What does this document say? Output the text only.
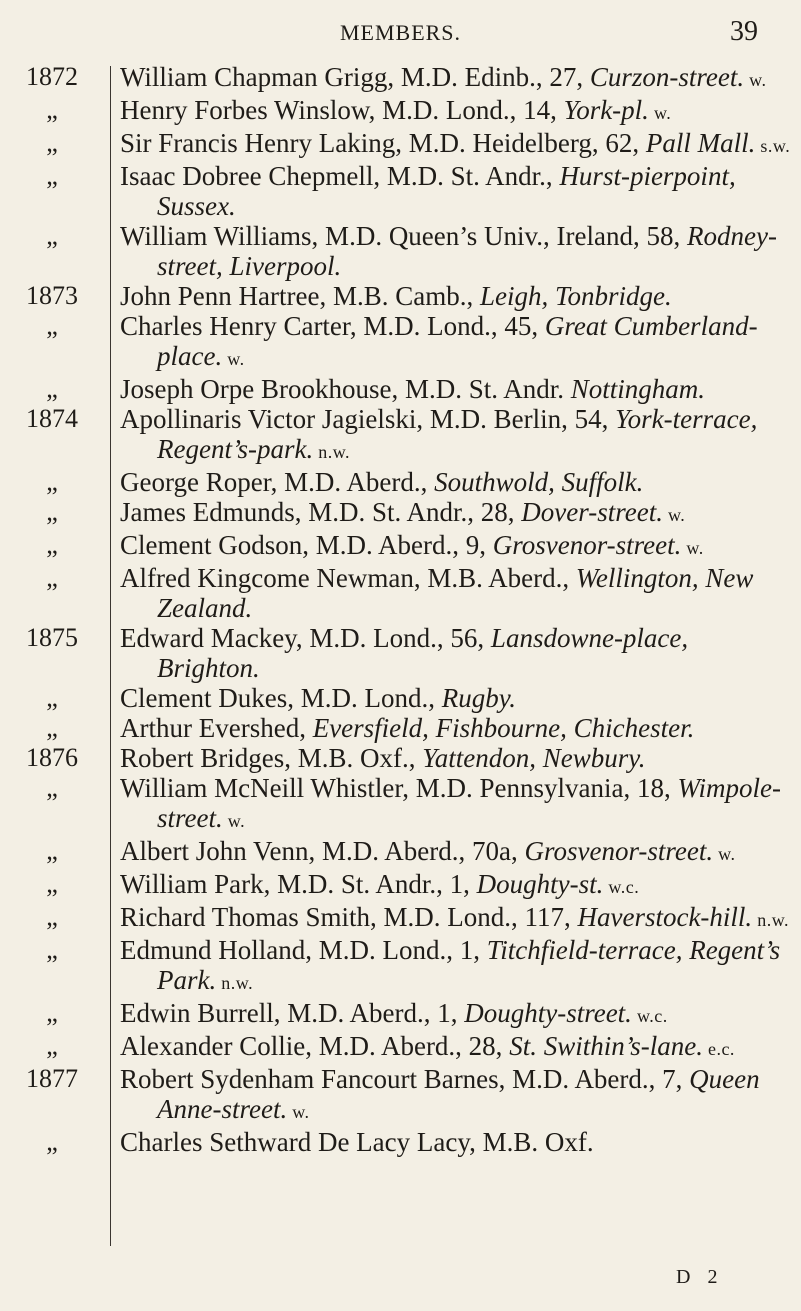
MEMBERS.	39
1872	William Chapman Grigg, M.D. Edinb., 27, Curzon-street. w.
„	Henry Forbes Winslow, M.D. Lond., 14, York-pl. w.
„	Sir Francis Henry Laking, M.D. Heidelberg, 62, Pall Mall. s.w.
„	Isaac Dobree Chepmell, M.D. St. Andr., Hurst-pierpoint, Sussex.
„	William Williams, M.D. Queen’s Univ., Ireland, 58, Rodney-street, Liverpool.
1873	John Penn Hartree, M.B. Camb., Leigh, Tonbridge.
„	Charles Henry Carter, M.D. Lond., 45, Great Cumberland-place. w.
„	Joseph Orpe Brookhouse, M.D. St. Andr. Nottingham.
1874	Apollinaris Victor Jagielski, M.D. Berlin, 54, York-terrace, Regent’s-park. n.w.
„	George Roper, M.D. Aberd., Southwold, Suffolk.
„	James Edmunds, M.D. St. Andr., 28, Dover-street. w.
„	Clement Godson, M.D. Aberd., 9, Grosvenor-street. w.
„	Alfred Kingcome Newman, M.B. Aberd., Wellington, New Zealand.
1875	Edward Mackey, M.D. Lond., 56, Lansdowne-place, Brighton.
„	Clement Dukes, M.D. Lond., Rugby.
„	Arthur Evershed, Eversfield, Fishbourne, Chichester.
1876	Robert Bridges, M.B. Oxf., Yattendon, Newbury.
„	William McNeill Whistler, M.D. Pennsylvania, 18, Wimpole-street. w.
„	Albert John Venn, M.D. Aberd., 70a, Grosvenor-street. w.
„	William Park, M.D. St. Andr., 1, Doughty-st. w.c.
„	Richard Thomas Smith, M.D. Lond., 117, Haverstock-hill. n.w.
„	Edmund Holland, M.D. Lond., 1, Titchfield-terrace, Regent’s Park. n.w.
„	Edwin Burrell, M.D. Aberd., 1, Doughty-street. w.c.
„	Alexander Collie, M.D. Aberd., 28, St. Swithin’s-lane. e.c.
1877	Robert Sydenham Fancourt Barnes, M.D. Aberd., 7, Queen Anne-street. w.
„	Charles Sethward De Lacy Lacy, M.B. Oxf.
D 2
